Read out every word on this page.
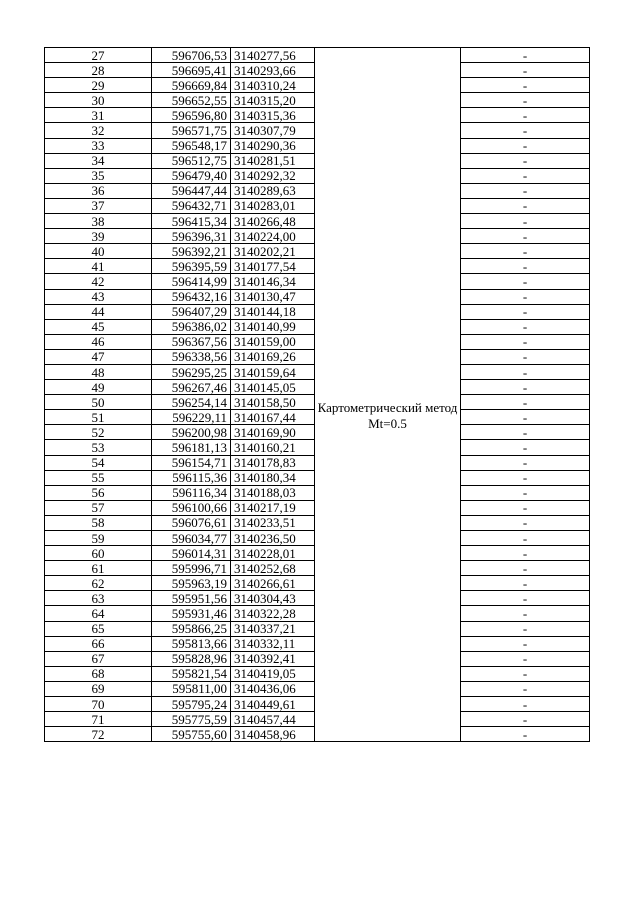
27	596706,53	3140277,56	Картометрический метод Mt=0.5	-
28	596695,41	3140293,66		-
29	596669,84	3140310,24		-
30	596652,55	3140315,20		-
31	596596,80	3140315,36		-
32	596571,75	3140307,79		-
33	596548,17	3140290,36		-
34	596512,75	3140281,51		-
35	596479,40	3140292,32		-
36	596447,44	3140289,63		-
37	596432,71	3140283,01		-
38	596415,34	3140266,48		-
39	596396,31	3140224,00		-
40	596392,21	3140202,21		-
41	596395,59	3140177,54		-
42	596414,99	3140146,34		-
43	596432,16	3140130,47		-
44	596407,29	3140144,18		-
45	596386,02	3140140,99		-
46	596367,56	3140159,00		-
47	596338,56	3140169,26		-
48	596295,25	3140159,64		-
49	596267,46	3140145,05		-
50	596254,14	3140158,50		-
51	596229,11	3140167,44		-
52	596200,98	3140169,90		-
53	596181,13	3140160,21		-
54	596154,71	3140178,83		-
55	596115,36	3140180,34		-
56	596116,34	3140188,03		-
57	596100,66	3140217,19		-
58	596076,61	3140233,51		-
59	596034,77	3140236,50		-
60	596014,31	3140228,01		-
61	595996,71	3140252,68		-
62	595963,19	3140266,61		-
63	595951,56	3140304,43		-
64	595931,46	3140322,28		-
65	595866,25	3140337,21		-
66	595813,66	3140332,11		-
67	595828,96	3140392,41		-
68	595821,54	3140419,05		-
69	595811,00	3140436,06		-
70	595795,24	3140449,61		-
71	595775,59	3140457,44		-
72	595755,60	3140458,96		-
